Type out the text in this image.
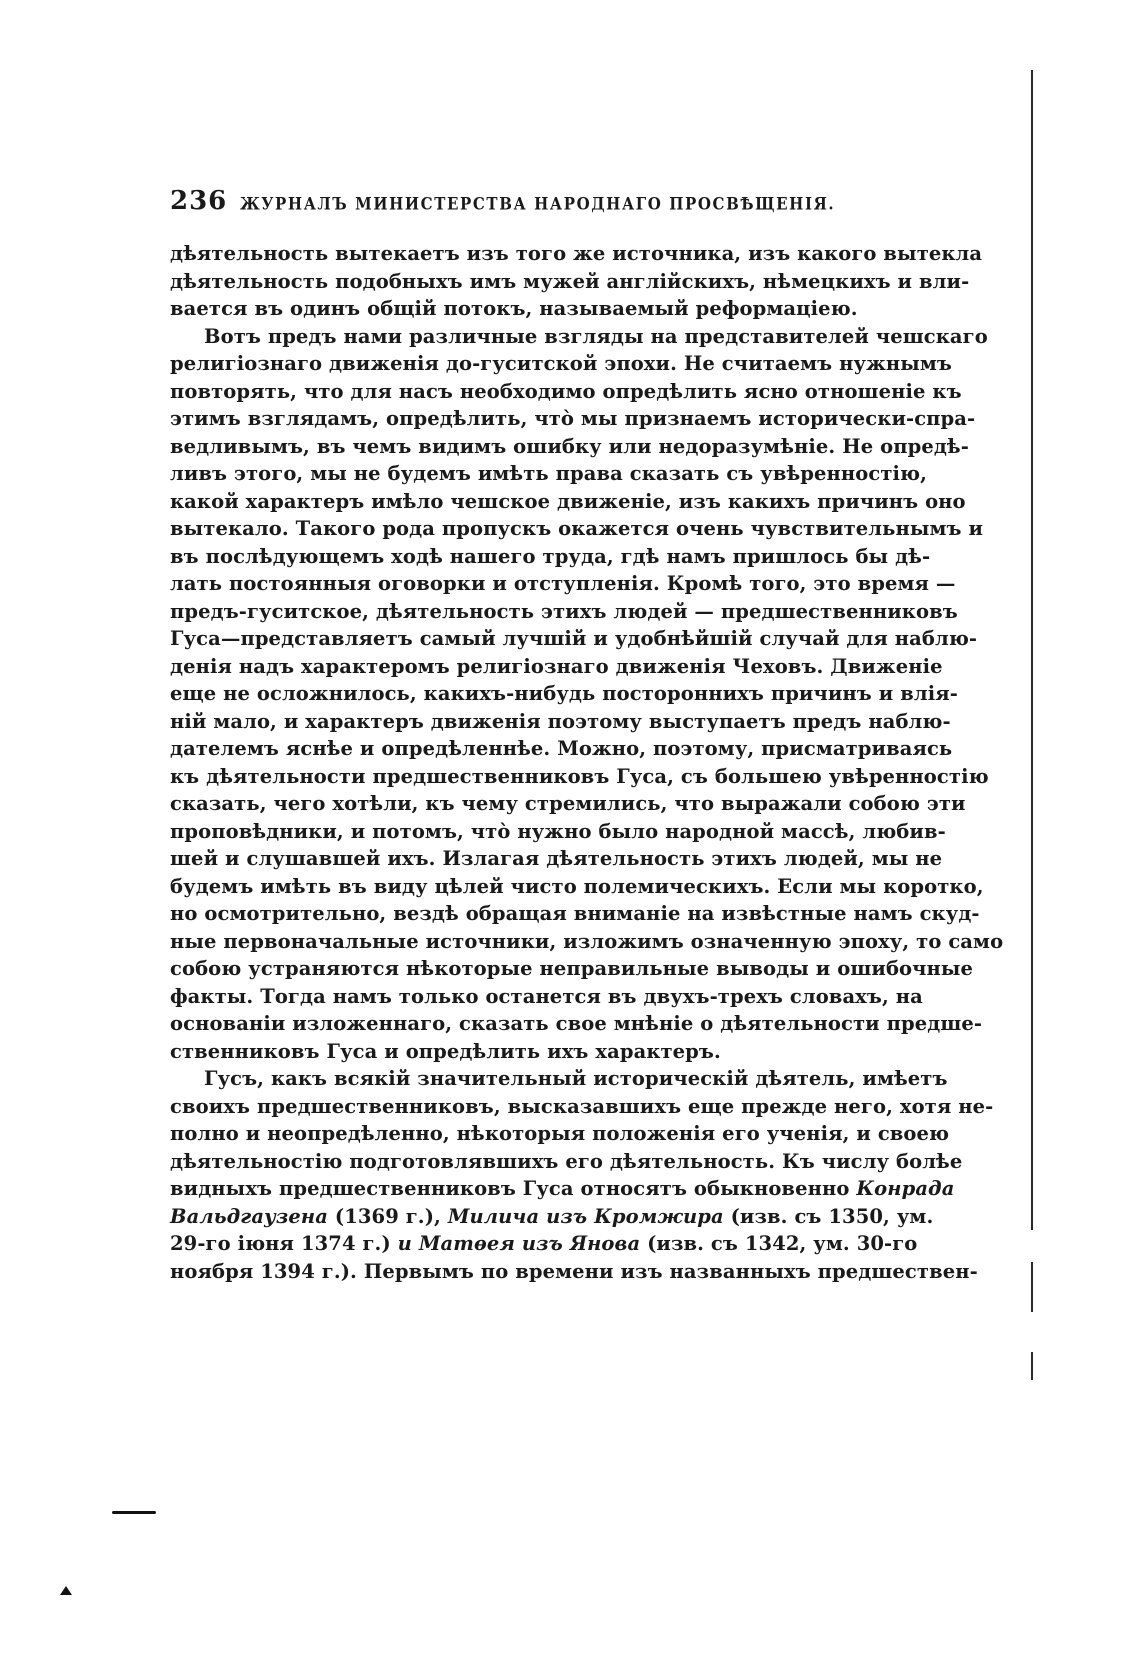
236 ЖУРНАЛЪ МИНИСТЕРСТВА НАРОДНАГО ПРОСВѢЩЕНІЯ.
дѣятельность вытекаетъ изъ того же источника, изъ какого вытекла
дѣятельность подобныхъ имъ мужей англійскихъ, нѣмецкихъ и вли-
вается въ одинъ общій потокъ, называемый реформаціею.
Вотъ предъ нами различные взгляды на представителей чешскаго
религіознаго движенія до-гуситской эпохи. Не считаемъ нужнымъ
повторять, что для насъ необходимо опредѣлить ясно отношеніе къ
этимъ взглядамъ, опредѣлить, что̀ мы признаемъ исторически-спра-
ведливымъ, въ чемъ видимъ ошибку или недоразумѣніе. Не опредѣ-
ливъ этого, мы не будемъ имѣть права сказать съ увѣренностію,
какой характеръ имѣло чешское движеніе, изъ какихъ причинъ оно
вытекало. Такого рода пропускъ окажется очень чувствительнымъ и
въ послѣдующемъ ходѣ нашего труда, гдѣ намъ пришлось бы дѣ-
лать постоянныя оговорки и отступленія. Кромѣ того, это время —
предъ-гуситское, дѣятельность этихъ людей — предшественниковъ
Гуса—представляетъ самый лучшій и удобнѣйшій случай для наблю-
денія надъ характеромъ религіознаго движенія Чеховъ. Движеніе
еще не осложнилось, какихъ-нибудь постороннихъ причинъ и влія-
ній мало, и характеръ движенія поэтому выступаетъ предъ наблю-
дателемъ яснѣе и опредѣленнѣе. Можно, поэтому, присматриваясь
къ дѣятельности предшественниковъ Гуса, съ большею увѣренностію
сказать, чего хотѣли, къ чему стремились, что выражали собою эти
проповѣдники, и потомъ, что̀ нужно было народной массѣ, любив-
шей и слушавшей ихъ. Излагая дѣятельность этихъ людей, мы не
будемъ имѣть въ виду цѣлей чисто полемическихъ. Если мы коротко,
но осмотрительно, вездѣ обращая вниманіе на извѣстные намъ скуд-
ные первоначальные источники, изложимъ означенную эпоху, то само
собою устраняются нѣкоторые неправильные выводы и ошибочные
факты. Тогда намъ только останется въ двухъ-трехъ словахъ, на
основаніи изложеннаго, сказать свое мнѣніе о дѣятельности предше-
ственниковъ Гуса и опредѣлить ихъ характеръ.
Гусъ, какъ всякій значительный историческій дѣятель, имѣетъ
своихъ предшественниковъ, высказавшихъ еще прежде него, хотя не-
полно и неопредѣленно, нѣкоторыя положенія его ученія, и своею
дѣятельностію подготовлявшихъ его дѣятельность. Къ числу болѣе
видныхъ предшественниковъ Гуса относятъ обыкновенно Конрада
Вальдгаузена (1369 г.), Милича изъ Кромжира (изв. съ 1350, ум.
29-го іюня 1374 г.) и Матѳея изъ Янова (изв. съ 1342, ум. 30-го
ноября 1394 г.). Первымъ по времени изъ названныхъ предшествен-
